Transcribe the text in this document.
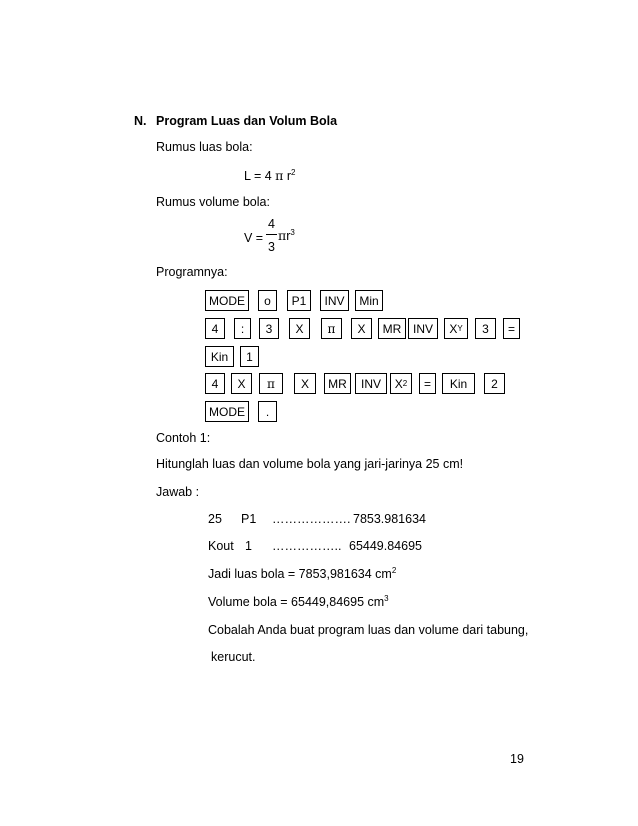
N. Program Luas dan Volum Bola
Rumus luas bola:
L = 4 π $r^2$
Rumus volume bola:
V =
4
3
$\pi r^3$
Programnya:
MODE	o	P1	INV	Min
4	:	3	X	π	X	MR INV	X Y	3	=
Kin	1
4	X	π	X	MR	INV	X 2	=	Kin	2
MODE	.
Contoh 1:
Hitunglah luas dan volume bola yang jari-jarinya 25 cm!
Jawab :
25 P1 ………………. 7853.981634
Kout 1 …………….. 65449.84695
Jadi luas bola = 7853,981634 $cm^2$
Volume bola = 65449,84695 $cm^3$
Cobalah Anda buat program luas dan volume dari tabung,
kerucut.
19
